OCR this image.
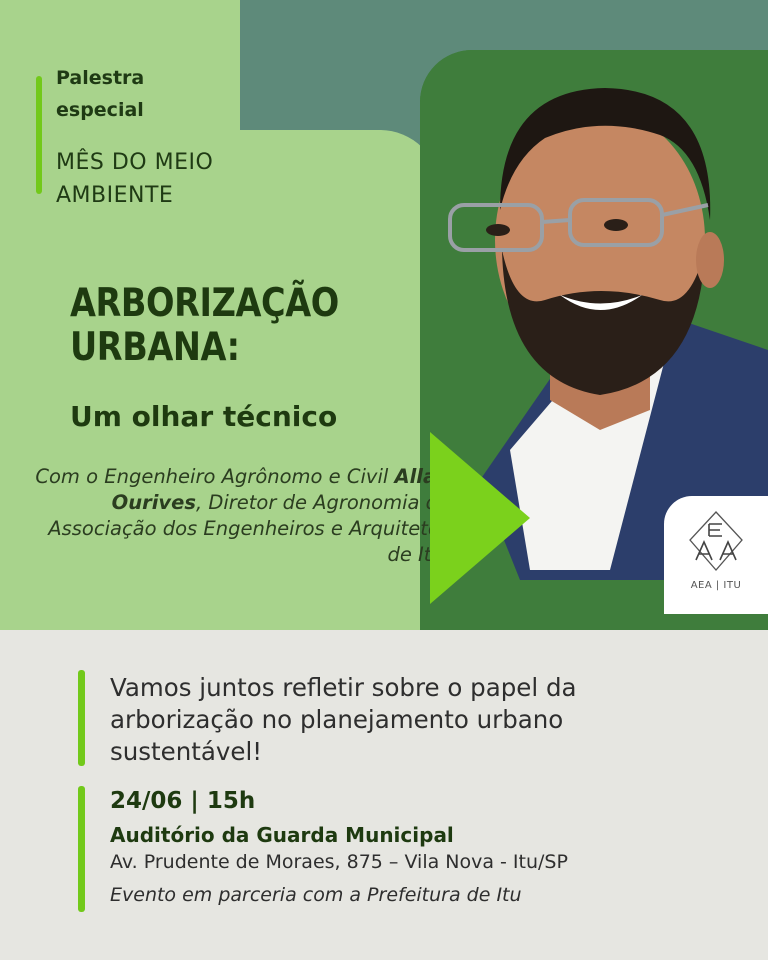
Palestra
especial
MÊS DO MEIO
AMBIENTE
ARBORIZAÇÃO
URBANA:
Um olhar técnico
Com o Engenheiro Agrônomo e Civil Allan Ourives, Diretor de Agronomia da Associação dos Engenheiros e Arquitetos de Itu.
AEA | ITU
Vamos juntos refletir sobre o papel da arborização no planejamento urbano sustentável!
24/06 | 15h
Auditório da Guarda Municipal
Av. Prudente de Moraes, 875 – Vila Nova - Itu/SP
Evento em parceria com a Prefeitura de Itu
